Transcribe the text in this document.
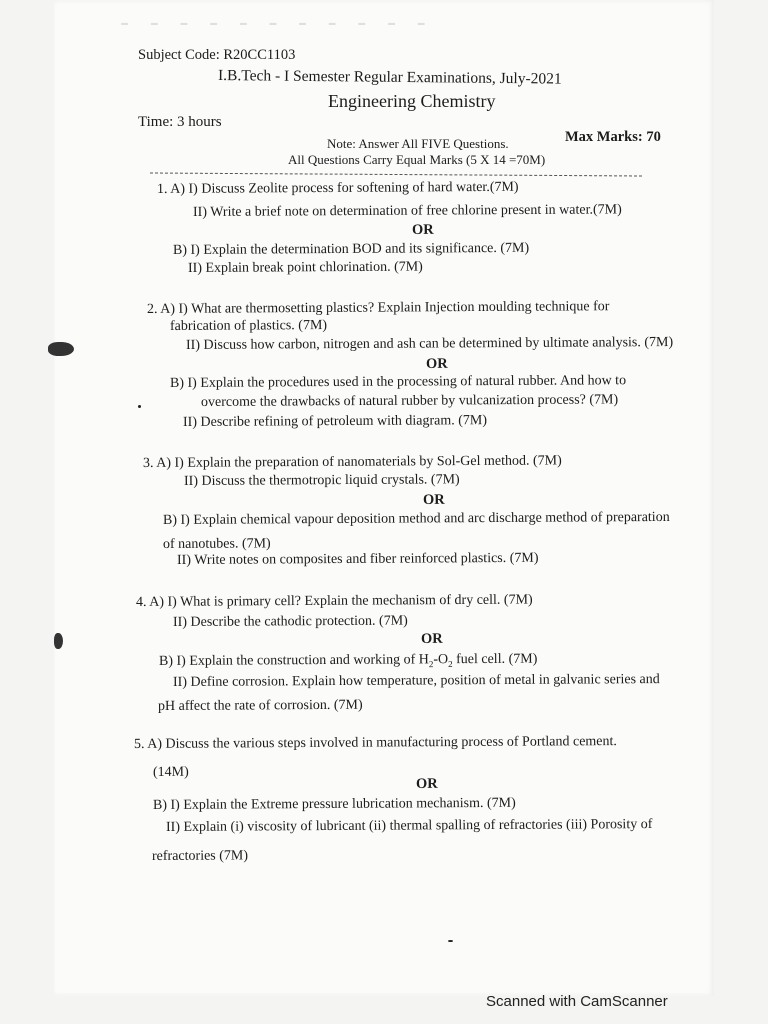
‑ ‑ ‑ ‑ ‑ ‑ ‑ ‑ ‑ ‑ ‑
Subject Code: R20CC1103
I.B.Tech - I Semester Regular Examinations, July-2021
Engineering Chemistry
Time: 3 hours
Max Marks: 70
Note: Answer All FIVE Questions.
All Questions Carry Equal Marks (5 X 14 =70M)
1. A) I) Discuss Zeolite process for softening of hard water.(7M)
II) Write a brief note on determination of free chlorine present in water.(7M)
OR
B) I) Explain the determination BOD and its significance. (7M)
II) Explain break point chlorination. (7M)
2. A) I) What are thermosetting plastics? Explain Injection moulding technique for
fabrication of plastics. (7M)
II) Discuss how carbon, nitrogen and ash can be determined by ultimate analysis. (7M)
OR
B) I) Explain the procedures used in the processing of natural rubber. And how to
overcome the drawbacks of natural rubber by vulcanization process? (7M)
II) Describe refining of petroleum with diagram. (7M)
3. A) I) Explain the preparation of nanomaterials by Sol-Gel method. (7M)
II) Discuss the thermotropic liquid crystals. (7M)
OR
B) I) Explain chemical vapour deposition method and arc discharge method of preparation
of nanotubes. (7M)
II) Write notes on composites and fiber reinforced plastics. (7M)
4. A) I) What is primary cell? Explain the mechanism of dry cell. (7M)
II) Describe the cathodic protection. (7M)
OR
B) I) Explain the construction and working of $H_2-O_2$ fuel cell. (7M)
II) Define corrosion. Explain how temperature, position of metal in galvanic series and
pH affect the rate of corrosion. (7M)
5. A) Discuss the various steps involved in manufacturing process of Portland cement.
(14M)
OR
B) I) Explain the Extreme pressure lubrication mechanism. (7M)
II) Explain (i) viscosity of lubricant (ii) thermal spalling of refractories (iii) Porosity of
refractories (7M)
Scanned with CamScanner
